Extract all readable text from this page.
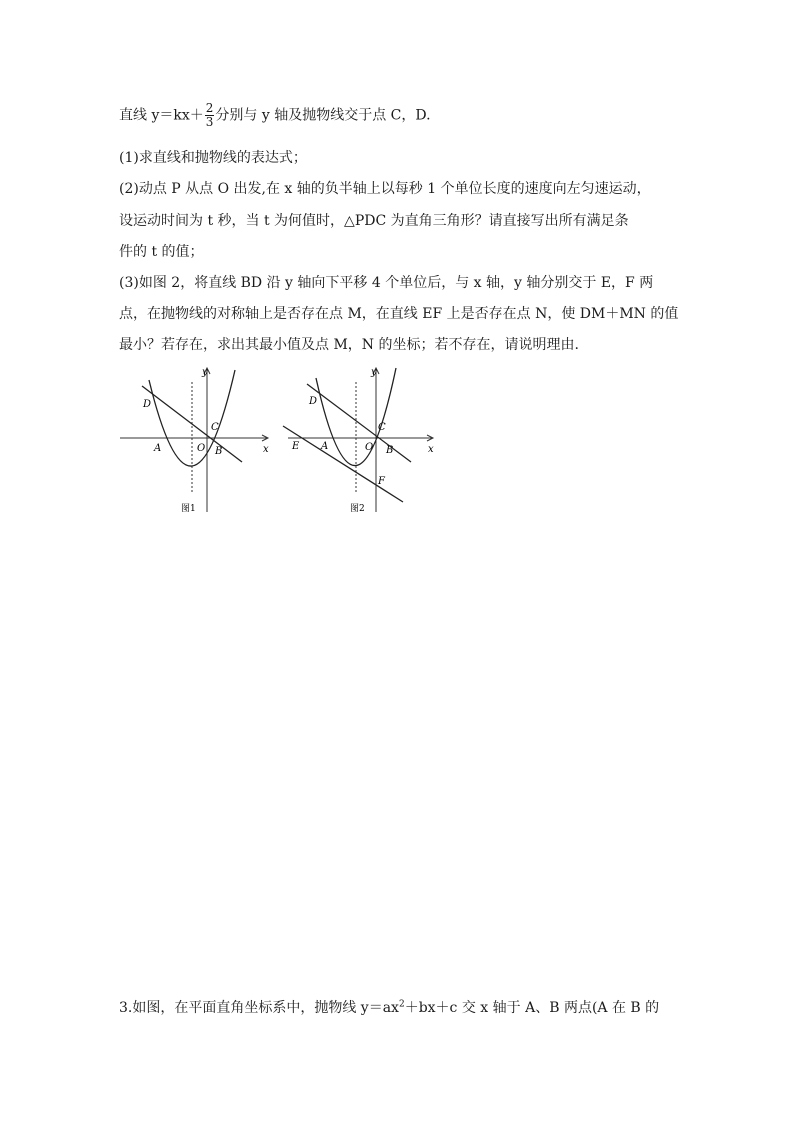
直线 $y=kx+ \frac{2}{3}$ 分别与 y 轴及抛物线交于点 C，D.
(1)求直线和抛物线的表达式；
(2)动点 P 从点 O 出发,在 x 轴的负半轴上以每秒 1 个单位长度的速度向左匀速运动，
设运动时间为 t 秒，当 t 为何值时，△PDC 为直角三角形？请直接写出所有满足条
件的 t 的值；
(3)如图 2，将直线 BD 沿 y 轴向下平移 4 个单位后，与 x 轴，y 轴分别交于 E，F 两
点，在抛物线的对称轴上是否存在点 M，在直线 EF 上是否存在点 N，使 DM＋MN 的值
最小？若存在，求出其最小值及点 M，N 的坐标；若不存在，请说明理由.
y
x
D
C
A	O B
图1
y
x
D
C
E A	O B
F
图2
3.如图，在平面直角坐标系中，抛物线 $y=ax^2+bx+c$ 交 x 轴于 A、B 两点(A 在 B 的
